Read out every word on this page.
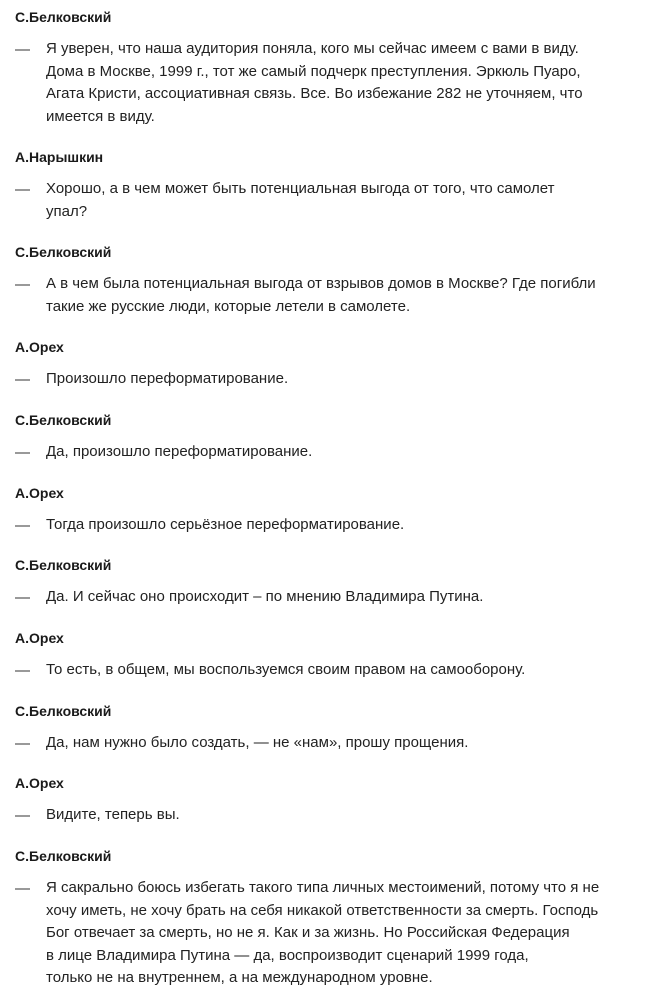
С.Белковский
— Я уверен, что наша аудитория поняла, кого мы сейчас имеем с вами в виду.
Дома в Москве, 1999 г., тот же самый подчерк преступления. Эркюль Пуаро,
Агата Кристи, ассоциативная связь. Все. Во избежание 282 не уточняем, что
имеется в виду.
А.Нарышкин
— Хорошо, а в чем может быть потенциальная выгода от того, что самолет
упал?
С.Белковский
— А в чем была потенциальная выгода от взрывов домов в Москве? Где погибли
такие же русские люди, которые летели в самолете.
А.Орех
— Произошло переформатирование.
С.Белковский
— Да, произошло переформатирование.
А.Орех
— Тогда произошло серьёзное переформатирование.
С.Белковский
— Да. И сейчас оно происходит – по мнению Владимира Путина.
А.Орех
— То есть, в общем, мы воспользуемся своим правом на самооборону.
С.Белковский
— Да, нам нужно было создать, — не «нам», прошу прощения.
А.Орех
— Видите, теперь вы.
С.Белковский
— Я сакрально боюсь избегать такого типа личных местоимений, потому что я не
хочу иметь, не хочу брать на себя никакой ответственности за смерть. Господь
Бог отвечает за смерть, но не я. Как и за жизнь. Но Российская Федерация
в лице Владимира Путина — да, воспроизводит сценарий 1999 года,
только не на внутреннем, а на международном уровне.
